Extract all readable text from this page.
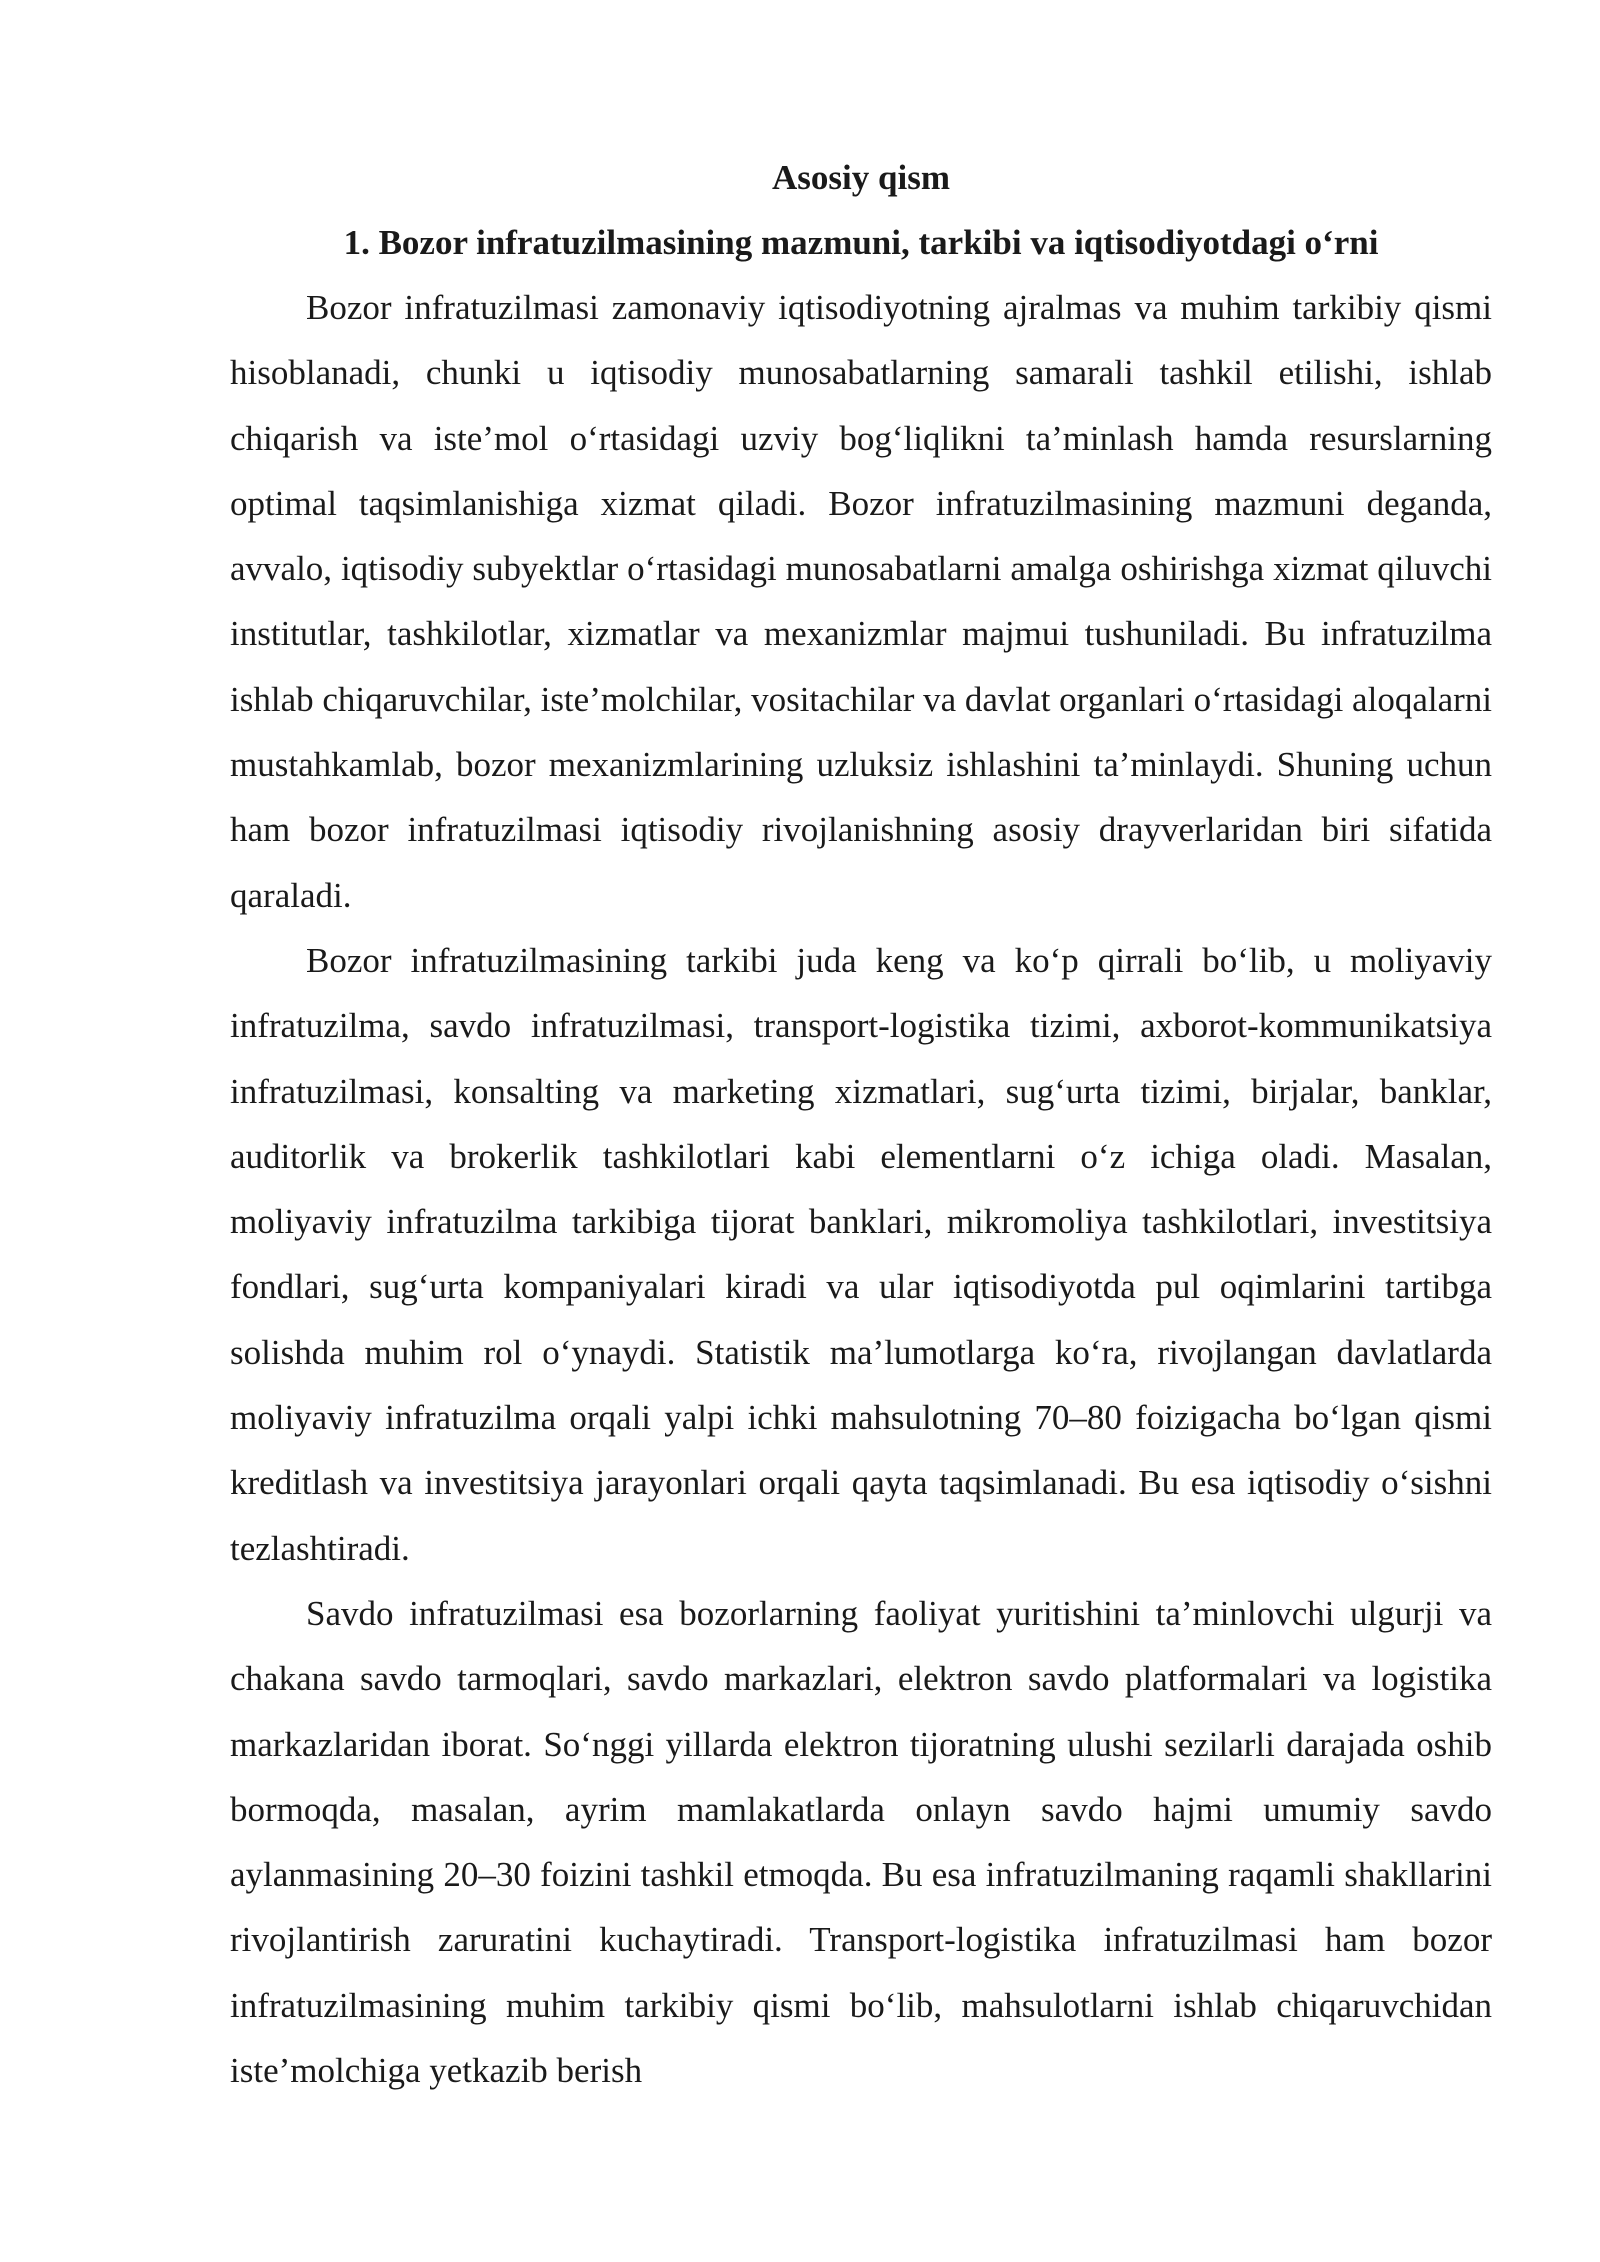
Asosiy qism
1. Bozor infratuzilmasining mazmuni, tarkibi va iqtisodiyotdagi o‘rni

Bozor infratuzilmasi zamonaviy iqtisodiyotning ajralmas va muhim tarkibiy qismi hisoblanadi, chunki u iqtisodiy munosabatlarning samarali tashkil etilishi, ishlab chiqarish va iste’mol o‘rtasidagi uzviy bog‘liqlikni ta’minlash hamda resurslarning optimal taqsimlanishiga xizmat qiladi. Bozor infratuzilmasining mazmuni deganda, avvalo, iqtisodiy subyektlar o‘rtasidagi munosabatlarni amalga oshirishga xizmat qiluvchi institutlar, tashkilotlar, xizmatlar va mexanizmlar majmui tushuniladi. Bu infratuzilma ishlab chiqaruvchilar, iste’molchilar, vositachilar va davlat organlari o‘rtasidagi aloqalarni mustahkamlab, bozor mexanizmlarining uzluksiz ishlashini ta’minlaydi. Shuning uchun ham bozor infratuzilmasi iqtisodiy rivojlanishning asosiy drayverlaridan biri sifatida qaraladi.

Bozor infratuzilmasining tarkibi juda keng va ko‘p qirrali bo‘lib, u moliyaviy infratuzilma, savdo infratuzilmasi, transport-logistika tizimi, axborot-kommunikatsiya infratuzilmasi, konsalting va marketing xizmatlari, sug‘urta tizimi, birjalar, banklar, auditorlik va brokerlik tashkilotlari kabi elementlarni o‘z ichiga oladi. Masalan, moliyaviy infratuzilma tarkibiga tijorat banklari, mikromoliya tashkilotlari, investitsiya fondlari, sug‘urta kompaniyalari kiradi va ular iqtisodiyotda pul oqimlarini tartibga solishda muhim rol o‘ynaydi. Statistik ma’lumotlarga ko‘ra, rivojlangan davlatlarda moliyaviy infratuzilma orqali yalpi ichki mahsulotning 70–80 foizigacha bo‘lgan qismi kreditlash va investitsiya jarayonlari orqali qayta taqsimlanadi. Bu esa iqtisodiy o‘sishni tezlashtiradi.

Savdo infratuzilmasi esa bozorlarning faoliyat yuritishini ta’minlovchi ulgurji va chakana savdo tarmoqlari, savdo markazlari, elektron savdo platformalari va logistika markazlaridan iborat. So‘nggi yillarda elektron tijoratning ulushi sezilarli darajada oshib bormoqda, masalan, ayrim mamlakatlarda onlayn savdo hajmi umumiy savdo aylanmasining 20–30 foizini tashkil etmoqda. Bu esa infratuzilmaning raqamli shakllarini rivojlantirish zaruratini kuchaytiradi. Transport-logistika infratuzilmasi ham bozor infratuzilmasining muhim tarkibiy qismi bo‘lib, mahsulotlarni ishlab chiqaruvchidan iste’molchiga yetkazib berish
